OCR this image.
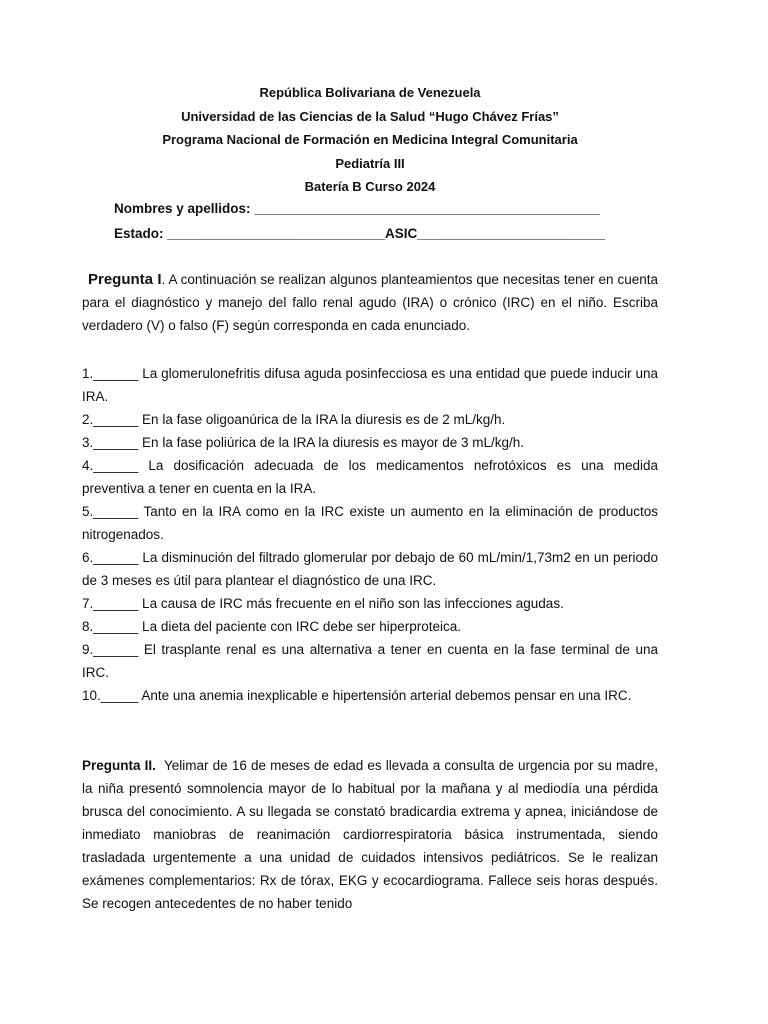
República Bolivariana de Venezuela
Universidad de las Ciencias de la Salud “Hugo Chávez Frías”
Programa Nacional de Formación en Medicina Integral Comunitaria
Pediatría III
Batería B Curso 2024
Nombres y apellidos: ______________________________________________
Estado: _____________________________ASIC_________________________

Pregunta I. A continuación se realizan algunos planteamientos que necesitas tener en cuenta para el diagnóstico y manejo del fallo renal agudo (IRA) o crónico (IRC) en el niño. Escriba verdadero (V) o falso (F) según corresponda en cada enunciado.

1.______ La glomerulonefritis difusa aguda posinfecciosa es una entidad que puede inducir una IRA.

2.______ En la fase oligoanúrica de la IRA la diuresis es de 2 mL/kg/h.

3.______ En la fase poliúrica de la IRA la diuresis es mayor de 3 mL/kg/h.

4.______ La dosificación adecuada de los medicamentos nefrotóxicos es una medida preventiva a tener en cuenta en la IRA.

5.______ Tanto en la IRA como en la IRC existe un aumento en la eliminación de productos nitrogenados.

6.______ La disminución del filtrado glomerular por debajo de 60 mL/min/1,73m2 en un periodo de 3 meses es útil para plantear el diagnóstico de una IRC.

7.______ La causa de IRC más frecuente en el niño son las infecciones agudas.

8.______ La dieta del paciente con IRC debe ser hiperproteica.

9.______ El trasplante renal es una alternativa a tener en cuenta en la fase terminal de una IRC.

10._____ Ante una anemia inexplicable e hipertensión arterial debemos pensar en una IRC.

Pregunta II. Yelimar de 16 de meses de edad es llevada a consulta de urgencia por su madre, la niña presentó somnolencia mayor de lo habitual por la mañana y al mediodía una pérdida brusca del conocimiento. A su llegada se constató bradicardia extrema y apnea, iniciándose de inmediato maniobras de reanimación cardiorrespiratoria básica instrumentada, siendo trasladada urgentemente a una unidad de cuidados intensivos pediátricos. Se le realizan exámenes complementarios: Rx de tórax, EKG y ecocardiograma. Fallece seis horas después. Se recogen antecedentes de no haber tenido
